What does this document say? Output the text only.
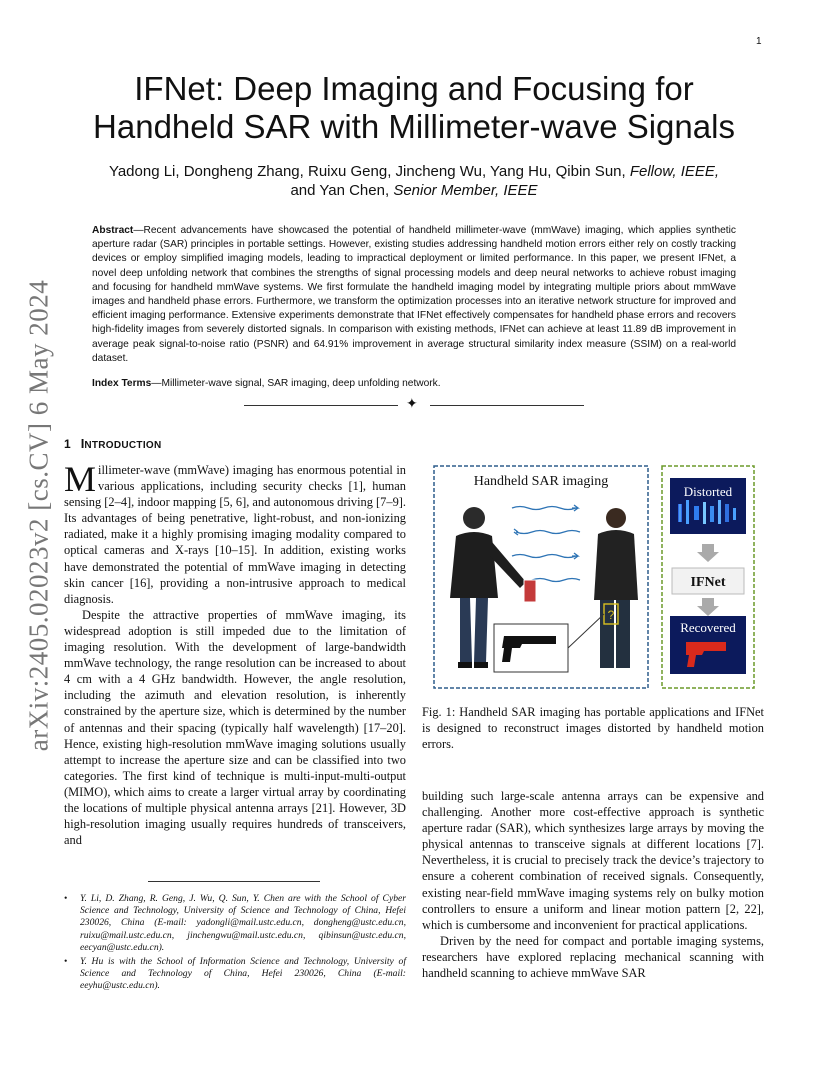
1
arXiv:2405.02023v2 [cs.CV] 6 May 2024
IFNet: Deep Imaging and Focusing for Handheld SAR with Millimeter-wave Signals
Yadong Li, Dongheng Zhang, Ruixu Geng, Jincheng Wu, Yang Hu, Qibin Sun, Fellow, IEEE,
and Yan Chen, Senior Member, IEEE
Abstract—Recent advancements have showcased the potential of handheld millimeter-wave (mmWave) imaging, which applies synthetic aperture radar (SAR) principles in portable settings. However, existing studies addressing handheld motion errors either rely on costly tracking devices or employ simplified imaging models, leading to impractical deployment or limited performance. In this paper, we present IFNet, a novel deep unfolding network that combines the strengths of signal processing models and deep neural networks to achieve robust imaging and focusing for handheld mmWave systems. We first formulate the handheld imaging model by integrating multiple priors about mmWave images and handheld phase errors. Furthermore, we transform the optimization processes into an iterative network structure for improved and efficient imaging performance. Extensive experiments demonstrate that IFNet effectively compensates for handheld phase errors and recovers high-fidelity images from severely distorted signals. In comparison with existing methods, IFNet can achieve at least 11.89 dB improvement in average peak signal-to-noise ratio (PSNR) and 64.91% improvement in average structural similarity index measure (SSIM) on a real-world dataset.
Index Terms—Millimeter-wave signal, SAR imaging, deep unfolding network.
✦
1 INTRODUCTION

Millimeter-wave (mmWave) imaging has enormous potential in various applications, including security checks [1], human sensing [2–4], indoor mapping [5, 6], and autonomous driving [7–9]. Its advantages of being penetrative, light-robust, and non-ionizing radiated, make it a highly promising imaging modality compared to optical cameras and X-rays [10–15]. In addition, existing works have demonstrated the potential of mmWave imaging in detecting skin cancer [16], providing a non-intrusive approach to medical diagnosis.

Despite the attractive properties of mmWave imaging, its widespread adoption is still impeded due to the limitation of imaging resolution. With the development of large-bandwidth mmWave technology, the range resolution can be increased to about 4 cm with a 4 GHz bandwidth. However, the angle resolution, including the azimuth and elevation resolution, is inherently constrained by the aperture size, which is determined by the number of antennas and their spacing (typically half wavelength) [17–20]. Hence, existing high-resolution mmWave imaging solutions usually attempt to increase the aperture size and can be classified into two categories. The first kind of technique is multi-input-multi-output (MIMO), which aims to create a larger virtual array by coordinating the locations of multiple physical antenna arrays [21]. However, 3D high-resolution imaging usually requires hundreds of transceivers, and

• Y. Li, D. Zhang, R. Geng, J. Wu, Q. Sun, Y. Chen are with the School of Cyber Science and Technology, University of Science and Technology of China, Hefei 230026, China (E-mail: yadongli@mail.ustc.edu.cn, dongheng@ustc.edu.cn, ruixu@mail.ustc.edu.cn, jinchengwu@mail.ustc.edu.cn, qibinsun@ustc.edu.cn, eecyan@ustc.edu.cn).
• Y. Hu is with the School of Information Science and Technology, University of Science and Technology of China, Hefei 230026, China (E-mail: eeyhu@ustc.edu.cn).
Handheld SAR imaging
?
Distorted
IFNet
Recovered
Fig. 1: Handheld SAR imaging has portable applications and IFNet is designed to reconstruct images distorted by handheld motion errors.

building such large-scale antenna arrays can be expensive and challenging. Another more cost-effective approach is synthetic aperture radar (SAR), which synthesizes large arrays by moving the physical antennas to transceive signals at different locations [7]. Nevertheless, it is crucial to precisely track the device’s trajectory to ensure a coherent combination of received signals. Consequently, existing near-field mmWave imaging systems rely on bulky motion controllers to ensure a uniform and linear motion pattern [2, 22], which is cumbersome and inconvenient for practical applications.

Driven by the need for compact and portable imaging systems, researchers have explored replacing mechanical scanning with handheld scanning to achieve mmWave SAR
